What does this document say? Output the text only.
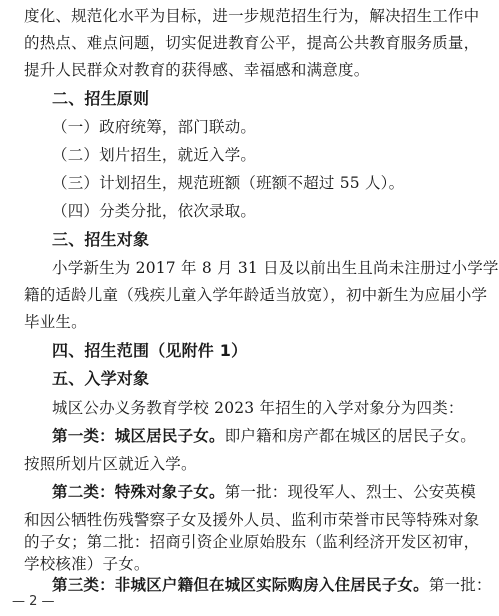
度化、规范化水平为目标，进一步规范招生行为，解决招生工作中
的热点、难点问题，切实促进教育公平，提高公共教育服务质量，
提升人民群众对教育的获得感、幸福感和满意度。
二、招生原则
（一）政府统筹，部门联动。
（二）划片招生，就近入学。
（三）计划招生，规范班额（班额不超过 55 人）。
（四）分类分批，依次录取。
三、招生对象
小学新生为 2017 年 8 月 31 日及以前出生且尚未注册过小学学
籍的适龄儿童（残疾儿童入学年龄适当放宽），初中新生为应届小学
毕业生。
四、招生范围（见附件 1）
五、入学对象
城区公办义务教育学校 2023 年招生的入学对象分为四类：
第一类：城区居民子女。即户籍和房产都在城区的居民子女。
按照所划片区就近入学。
第二类：特殊对象子女。第一批：现役军人、烈士、公安英模
和因公牺牲伤残警察子女及援外人员、监利市荣誉市民等特殊对象
的子女；第二批：招商引资企业原始股东（监利经济开发区初审，
学校核准）子女。
— 2 —
第三类：非城区户籍但在城区实际购房入住居民子女。第一批：
